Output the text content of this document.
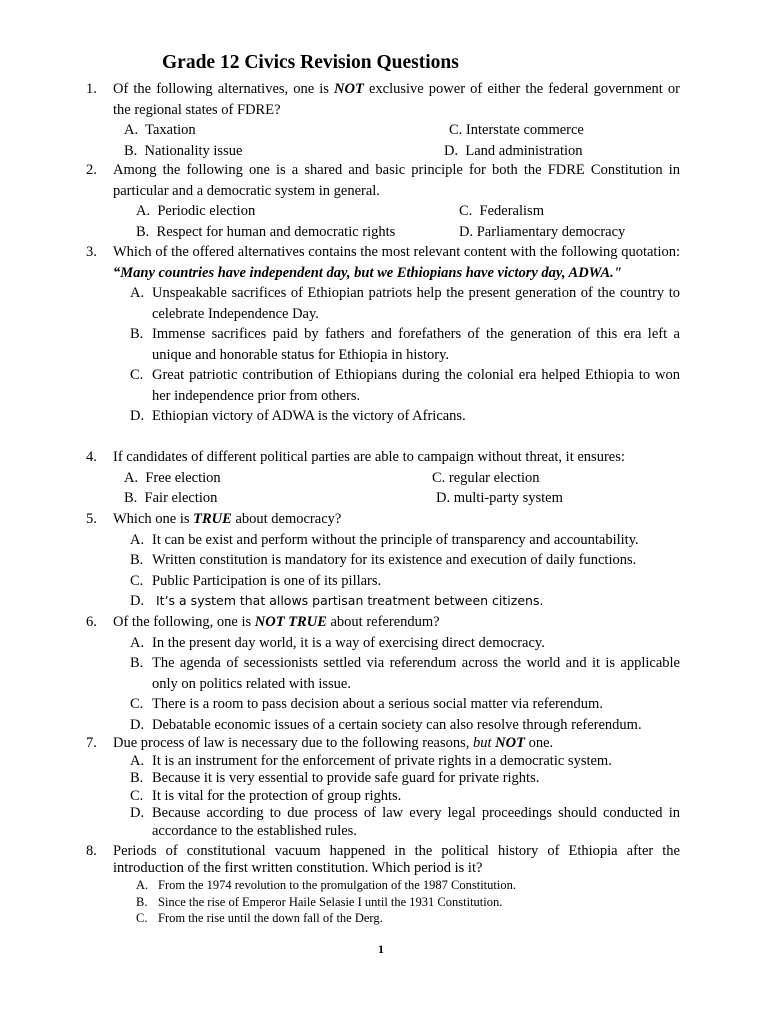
Grade 12 Civics Revision Questions
1.	Of the following alternatives, one is NOT exclusive power of either the federal government or the regional states of FDRE?
A. Taxation	C. Interstate commerce
B. Nationality issue	D. Land administration
2.	Among the following one is a shared and basic principle for both the FDRE Constitution in particular and a democratic system in general.
A. Periodic election	C. Federalism
B. Respect for human and democratic rights	D. Parliamentary democracy
3.	Which of the offered alternatives contains the most relevant content with the following quotation: “Many countries have independent day, but we Ethiopians have victory day, ADWA."
A. Unspeakable sacrifices of Ethiopian patriots help the present generation of the country to celebrate Independence Day.
B. Immense sacrifices paid by fathers and forefathers of the generation of this era left a unique and honorable status for Ethiopia in history.
C. Great patriotic contribution of Ethiopians during the colonial era helped Ethiopia to won her independence prior from others.
D. Ethiopian victory of ADWA is the victory of Africans.
4.	If candidates of different political parties are able to campaign without threat, it ensures:
A. Free election	C. regular election
B. Fair election	D. multi-party system
5.	Which one is TRUE about democracy?
A. It can be exist and perform without the principle of transparency and accountability.
B. Written constitution is mandatory for its existence and execution of daily functions.
C. Public Participation is one of its pillars.
D. It’s a system that allows partisan treatment between citizens.
6.	Of the following, one is NOT TRUE about referendum?
A. In the present day world, it is a way of exercising direct democracy.
B. The agenda of secessionists settled via referendum across the world and it is applicable only on politics related with issue.
C. There is a room to pass decision about a serious social matter via referendum.
D. Debatable economic issues of a certain society can also resolve through referendum.
7.	Due process of law is necessary due to the following reasons, but NOT one.
A. It is an instrument for the enforcement of private rights in a democratic system.
B. Because it is very essential to provide safe guard for private rights.
C. It is vital for the protection of group rights.
D. Because according to due process of law every legal proceedings should conducted in accordance to the established rules.
8.	Periods of constitutional vacuum happened in the political history of Ethiopia after the introduction of the first written constitution. Which period is it?
A. From the 1974 revolution to the promulgation of the 1987 Constitution.
B. Since the rise of Emperor Haile Selasie I until the 1931 Constitution.
C. From the rise until the down fall of the Derg.
1
